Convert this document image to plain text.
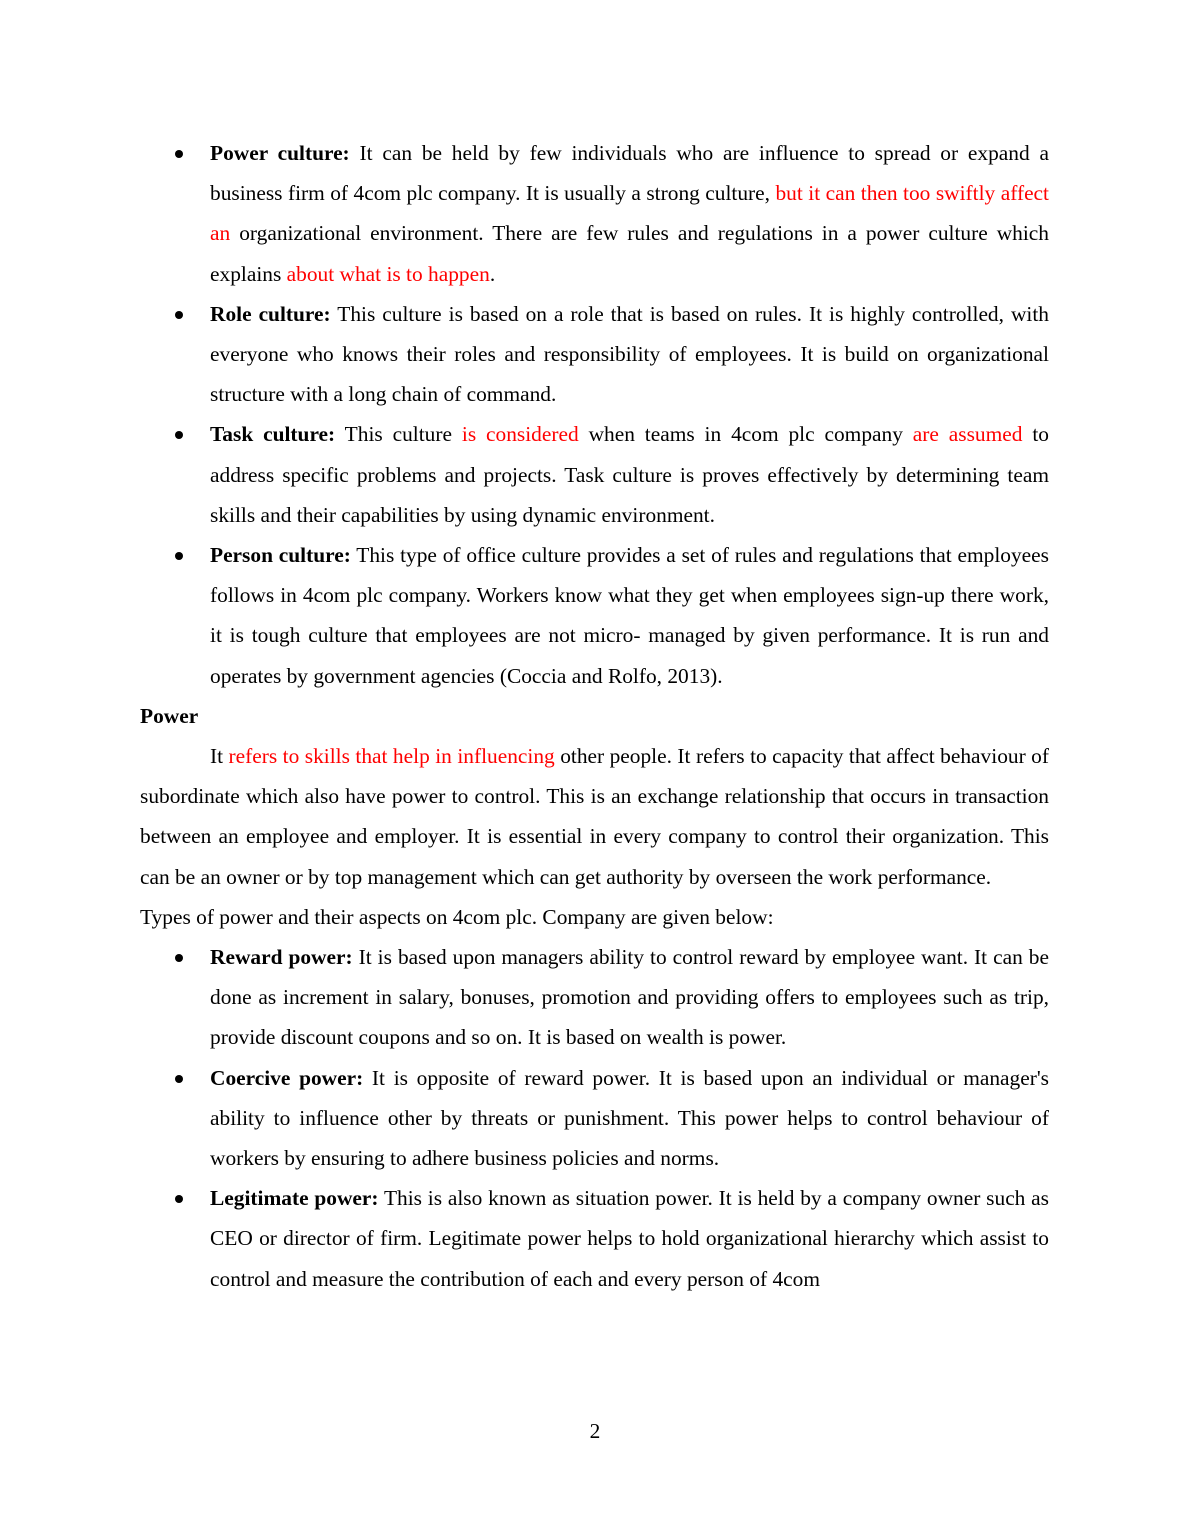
Power culture: It can be held by few individuals who are influence to spread or expand a business firm of 4com plc company. It is usually a strong culture, but it can then too swiftly affect an organizational environment. There are few rules and regulations in a power culture which explains about what is to happen.
Role culture: This culture is based on a role that is based on rules. It is highly controlled, with everyone who knows their roles and responsibility of employees. It is build on organizational structure with a long chain of command.
Task culture: This culture is considered when teams in 4com plc company are assumed to address specific problems and projects. Task culture is proves effectively by determining team skills and their capabilities by using dynamic environment.
Person culture: This type of office culture provides a set of rules and regulations that employees follows in 4com plc company. Workers know what they get when employees sign-up there work, it is tough culture that employees are not micro- managed by given performance. It is run and operates by government agencies (Coccia and Rolfo, 2013).

Power

It refers to skills that help in influencing other people. It refers to capacity that affect behaviour of subordinate which also have power to control. This is an exchange relationship that occurs in transaction between an employee and employer. It is essential in every company to control their organization. This can be an owner or by top management which can get authority by overseen the work performance.

Types of power and their aspects on 4com plc. Company are given below:

Reward power: It is based upon managers ability to control reward by employee want. It can be done as increment in salary, bonuses, promotion and providing offers to employees such as trip, provide discount coupons and so on. It is based on wealth is power.
Coercive power: It is opposite of reward power. It is based upon an individual or manager's ability to influence other by threats or punishment. This power helps to control behaviour of workers by ensuring to adhere business policies and norms.
Legitimate power: This is also known as situation power. It is held by a company owner such as CEO or director of firm. Legitimate power helps to hold organizational hierarchy which assist to control and measure the contribution of each and every person of 4com
2
